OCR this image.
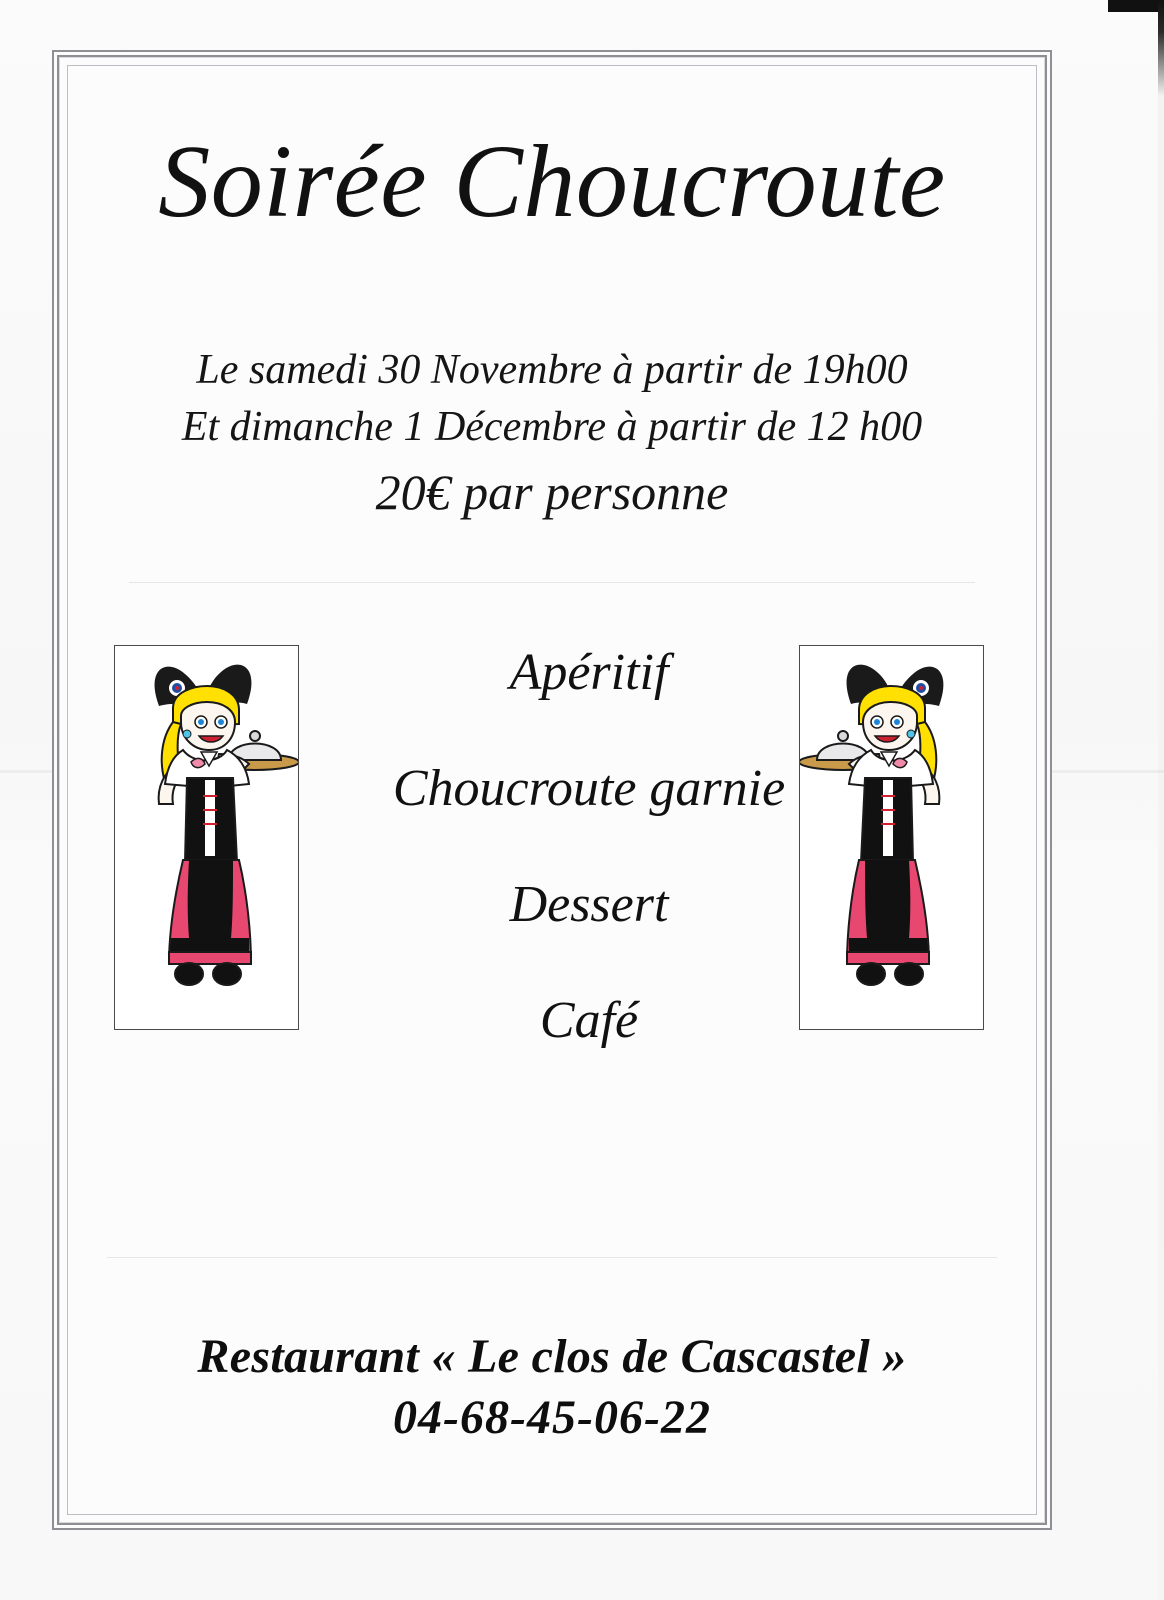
Soirée Choucroute
Le samedi 30 Novembre à partir de 19h00
Et dimanche 1 Décembre à partir de 12 h00
20€ par personne
Apéritif
Choucroute garnie
Dessert
Café
Restaurant « Le clos de Cascastel »
04-68-45-06-22
